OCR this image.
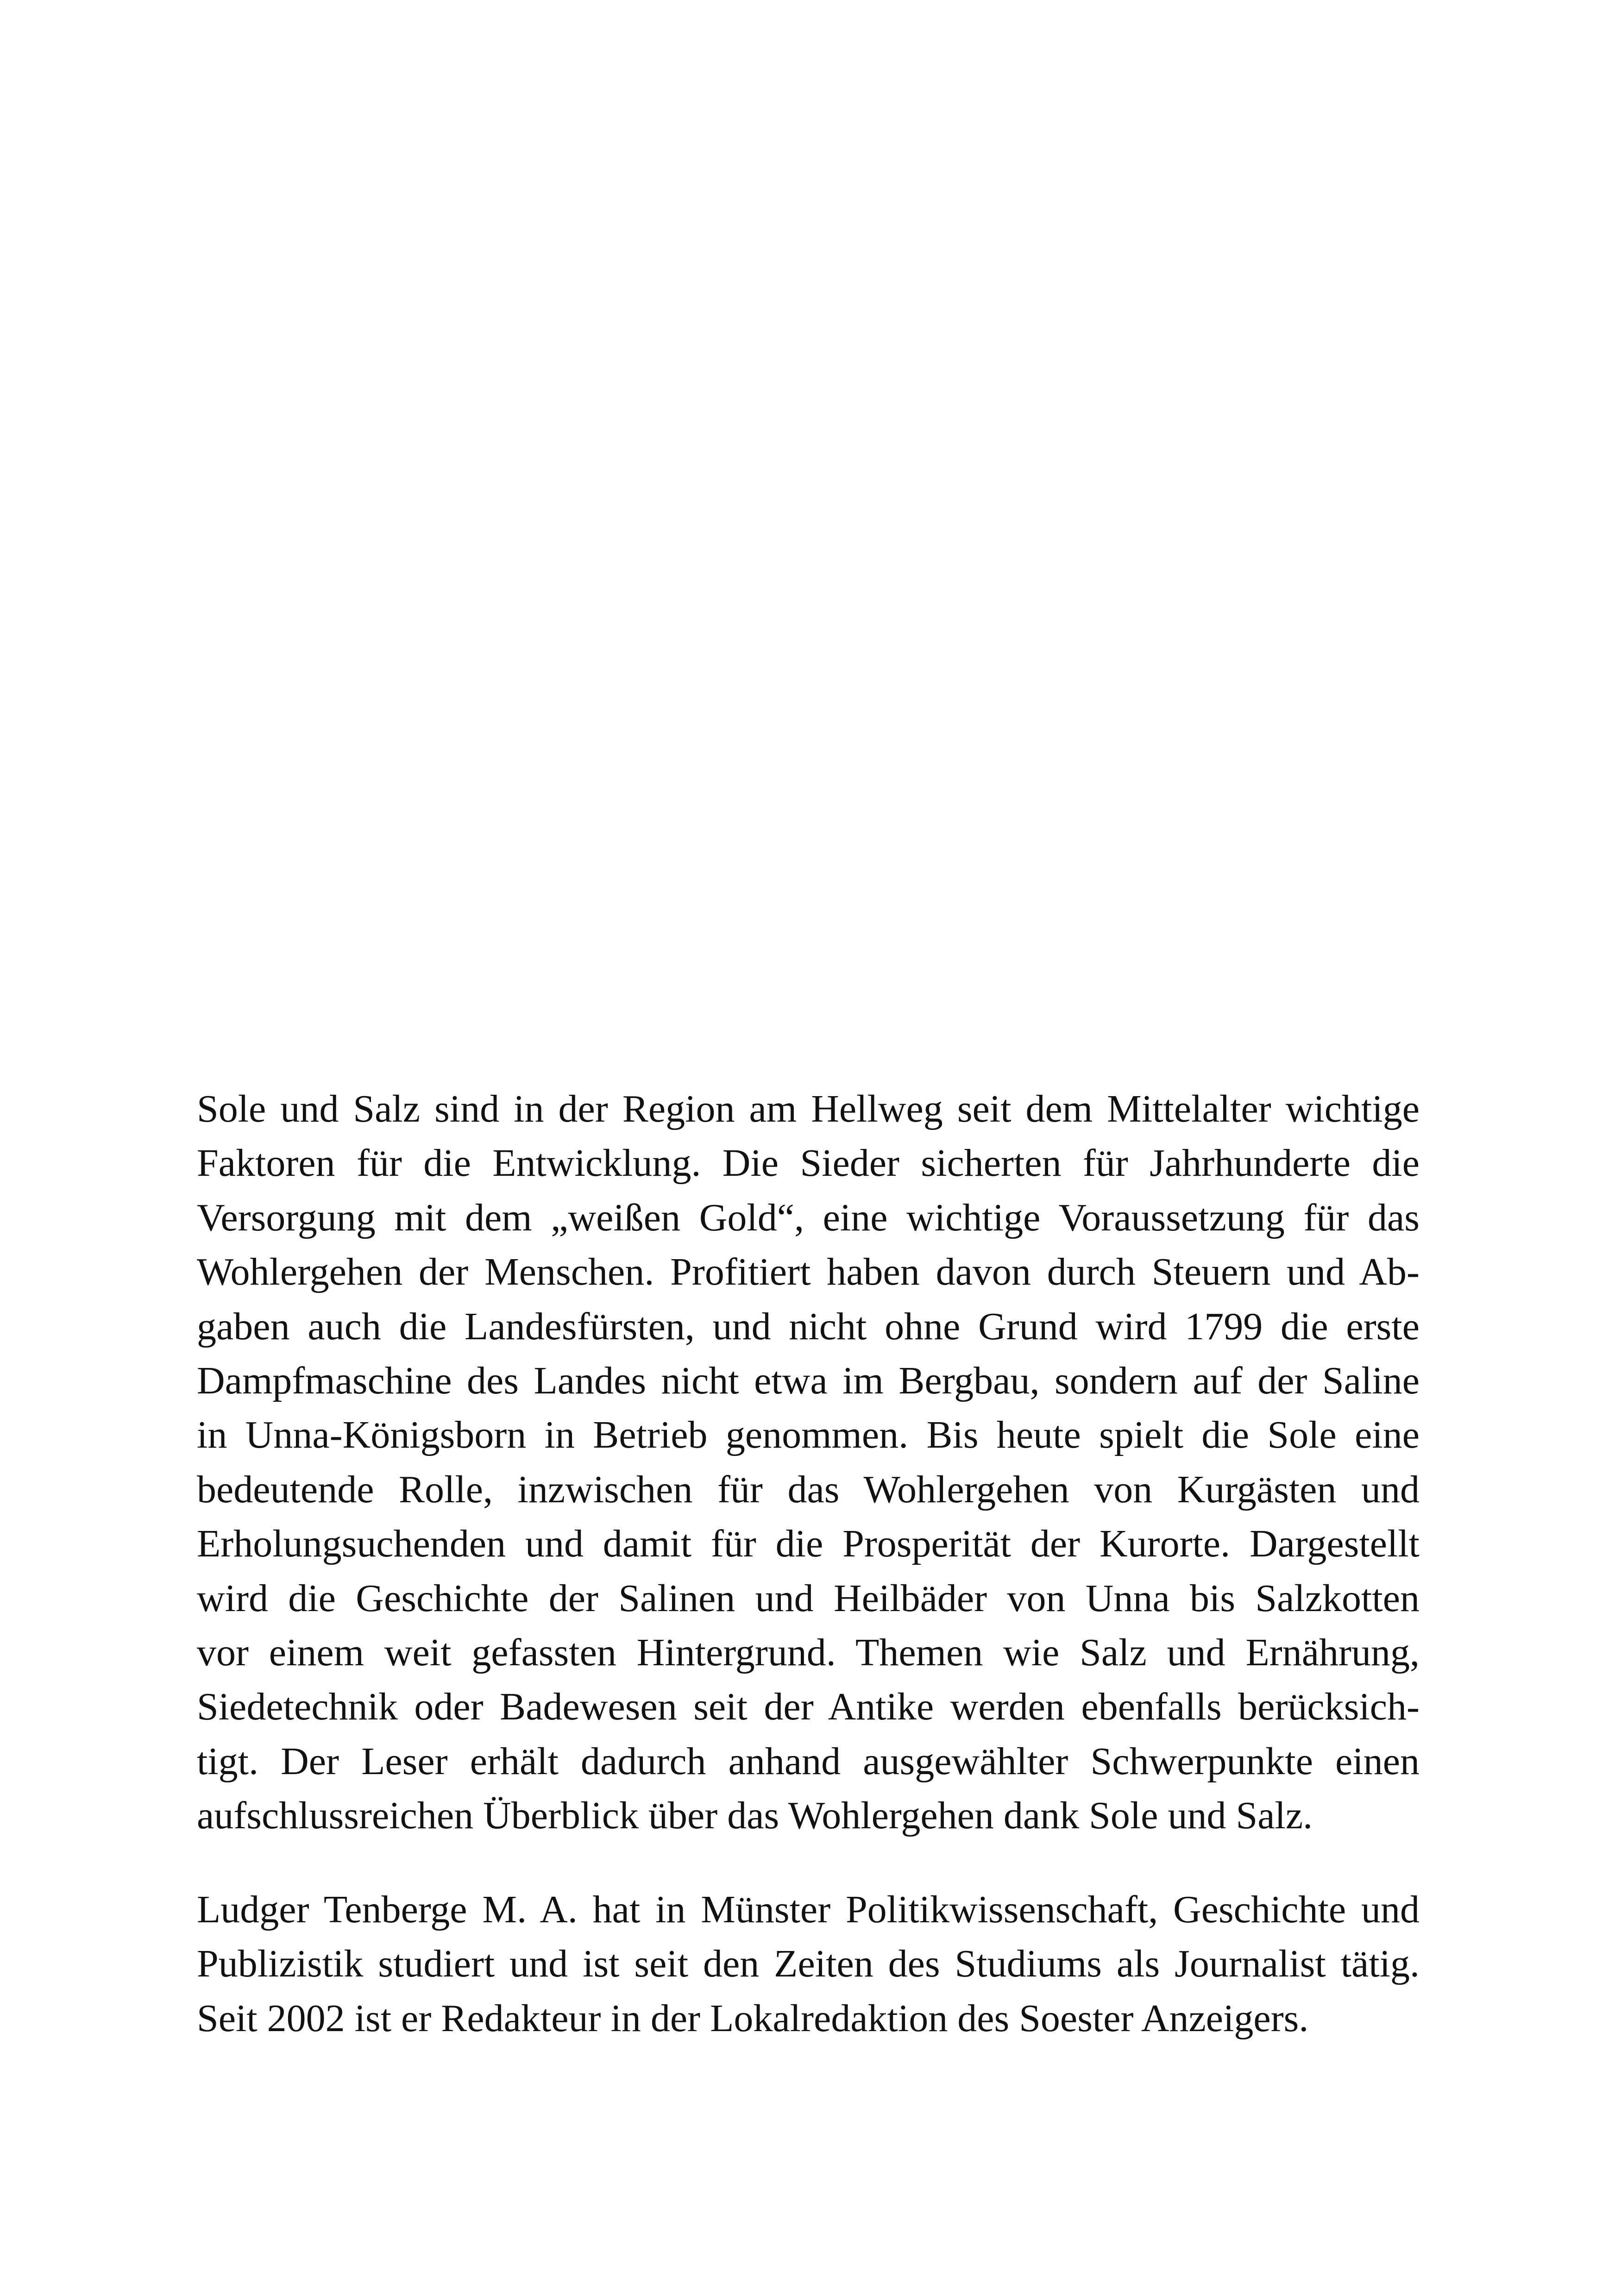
Sole und Salz sind in der Region am Hellweg seit dem Mittelalter wichtige
Faktoren für die Entwicklung. Die Sieder sicherten für Jahrhunderte die
Versorgung mit dem „weißen Gold“, eine wichtige Voraussetzung für das
Wohlergehen der Menschen. Profitiert haben davon durch Steuern und Ab-
gaben auch die Landesfürsten, und nicht ohne Grund wird 1799 die erste
Dampfmaschine des Landes nicht etwa im Bergbau, sondern auf der Saline
in Unna-Königsborn in Betrieb genommen. Bis heute spielt die Sole eine
bedeutende Rolle, inzwischen für das Wohlergehen von Kurgästen und
Erholungsuchenden und damit für die Prosperität der Kurorte. Dargestellt
wird die Geschichte der Salinen und Heilbäder von Unna bis Salzkotten
vor einem weit gefassten Hintergrund. Themen wie Salz und Ernährung,
Siedetechnik oder Badewesen seit der Antike werden ebenfalls berücksich-
tigt. Der Leser erhält dadurch anhand ausgewählter Schwerpunkte einen
aufschlussreichen Überblick über das Wohlergehen dank Sole und Salz.
Ludger Tenberge M. A. hat in Münster Politikwissenschaft, Geschichte und
Publizistik studiert und ist seit den Zeiten des Studiums als Journalist tätig.
Seit 2002 ist er Redakteur in der Lokalredaktion des Soester Anzeigers.
